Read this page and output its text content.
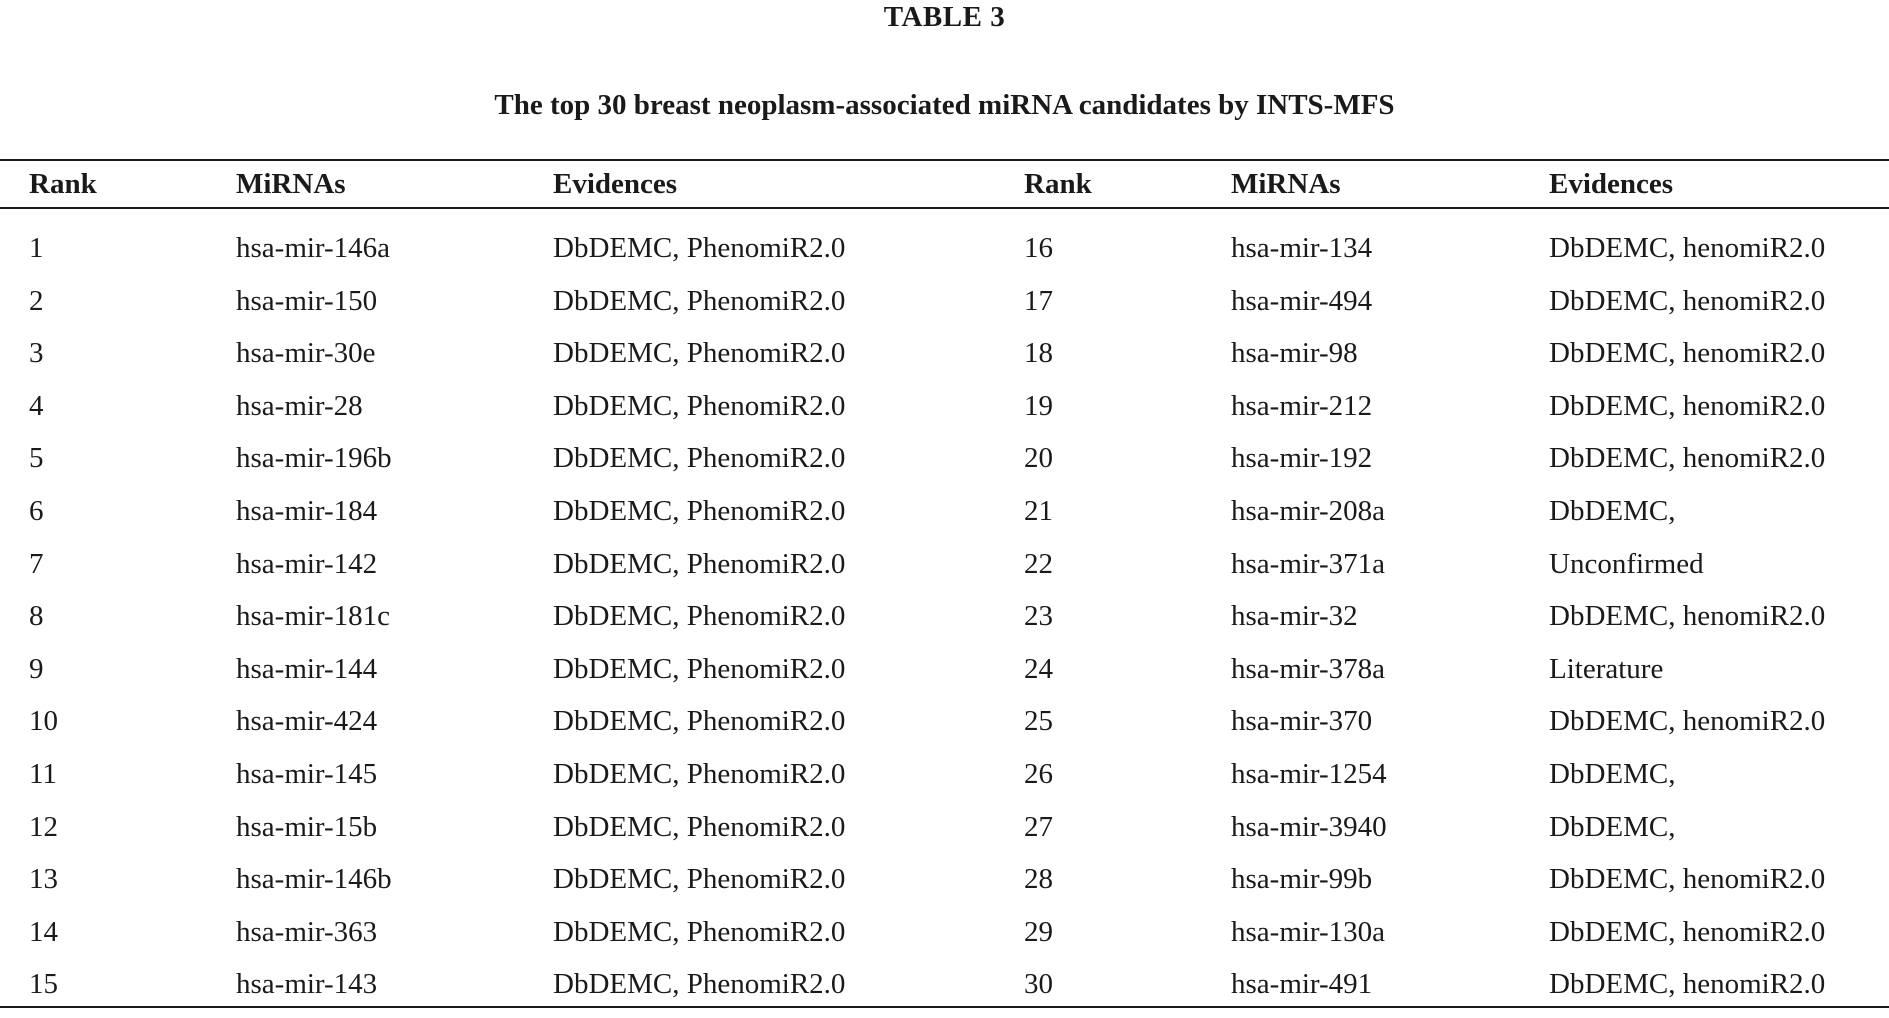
TABLE 3
The top 30 breast neoplasm-associated miRNA candidates by INTS-MFS
Rank	MiRNAs	Evidences	Rank	MiRNAs	Evidences
1	hsa-mir-146a	DbDEMC, PhenomiR2.0	16	hsa-mir-134	DbDEMC, henomiR2.0
2	hsa-mir-150	DbDEMC, PhenomiR2.0	17	hsa-mir-494	DbDEMC, henomiR2.0
3	hsa-mir-30e	DbDEMC, PhenomiR2.0	18	hsa-mir-98	DbDEMC, henomiR2.0
4	hsa-mir-28	DbDEMC, PhenomiR2.0	19	hsa-mir-212	DbDEMC, henomiR2.0
5	hsa-mir-196b	DbDEMC, PhenomiR2.0	20	hsa-mir-192	DbDEMC, henomiR2.0
6	hsa-mir-184	DbDEMC, PhenomiR2.0	21	hsa-mir-208a	DbDEMC,
7	hsa-mir-142	DbDEMC, PhenomiR2.0	22	hsa-mir-371a	Unconfirmed
8	hsa-mir-181c	DbDEMC, PhenomiR2.0	23	hsa-mir-32	DbDEMC, henomiR2.0
9	hsa-mir-144	DbDEMC, PhenomiR2.0	24	hsa-mir-378a	Literature
10	hsa-mir-424	DbDEMC, PhenomiR2.0	25	hsa-mir-370	DbDEMC, henomiR2.0
11	hsa-mir-145	DbDEMC, PhenomiR2.0	26	hsa-mir-1254	DbDEMC,
12	hsa-mir-15b	DbDEMC, PhenomiR2.0	27	hsa-mir-3940	DbDEMC,
13	hsa-mir-146b	DbDEMC, PhenomiR2.0	28	hsa-mir-99b	DbDEMC, henomiR2.0
14	hsa-mir-363	DbDEMC, PhenomiR2.0	29	hsa-mir-130a	DbDEMC, henomiR2.0
15	hsa-mir-143	DbDEMC, PhenomiR2.0	30	hsa-mir-491	DbDEMC, henomiR2.0
